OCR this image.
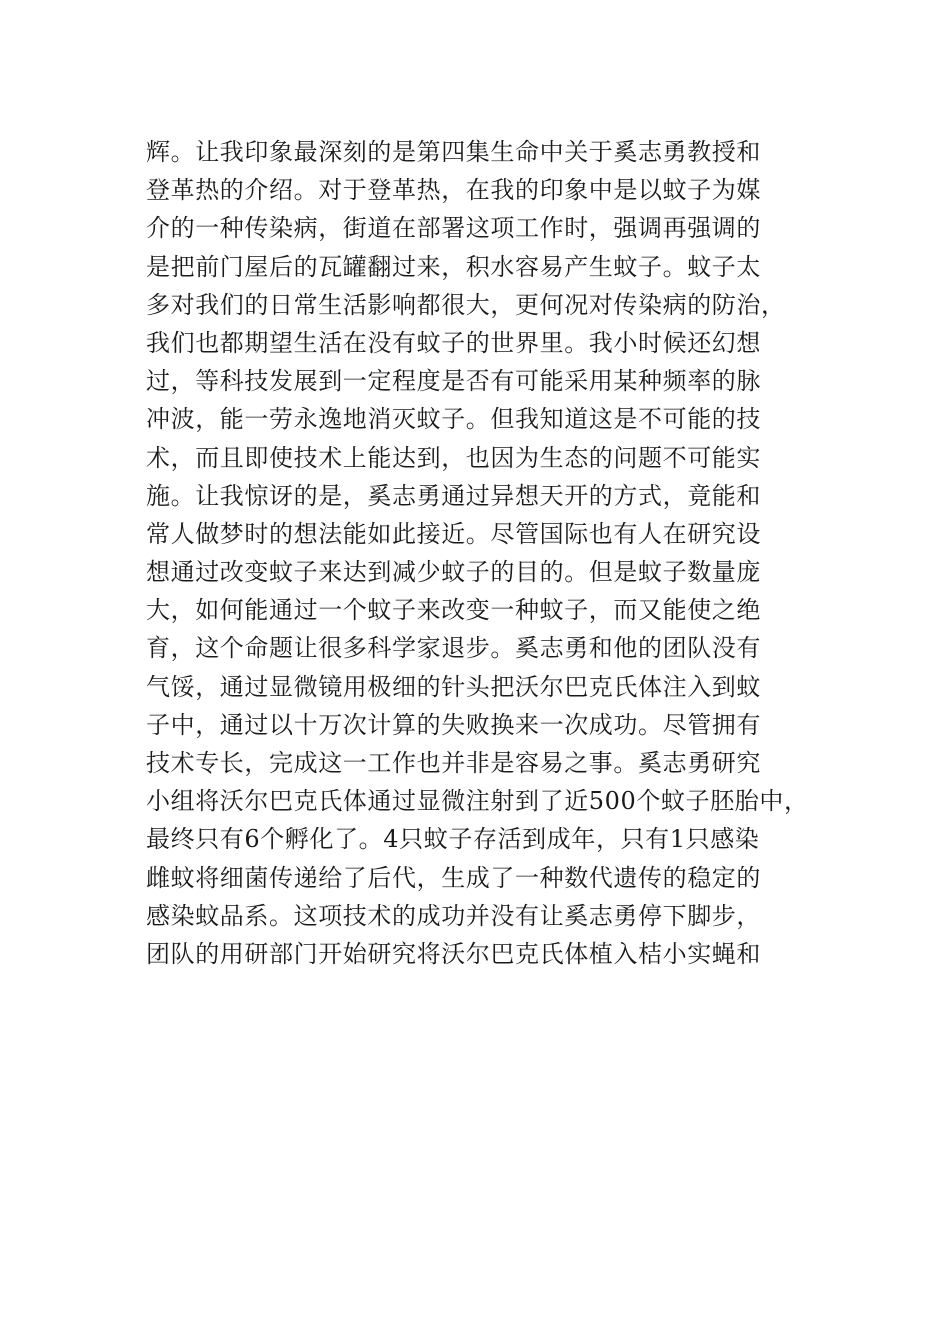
辉。让我印象最深刻的是第四集生命中关于奚志勇教授和
登革热的介绍。对于登革热，在我的印象中是以蚊子为媒
介的一种传染病，街道在部署这项工作时，强调再强调的
是把前门屋后的瓦罐翻过来，积水容易产生蚊子。蚊子太
多对我们的日常生活影响都很大，更何况对传染病的防治，
我们也都期望生活在没有蚊子的世界里。我小时候还幻想
过，等科技发展到一定程度是否有可能采用某种频率的脉
冲波，能一劳永逸地消灭蚊子。但我知道这是不可能的技
术，而且即使技术上能达到，也因为生态的问题不可能实
施。让我惊讶的是，奚志勇通过异想天开的方式，竟能和
常人做梦时的想法能如此接近。尽管国际也有人在研究设
想通过改变蚊子来达到减少蚊子的目的。但是蚊子数量庞
大，如何能通过一个蚊子来改变一种蚊子，而又能使之绝
育，这个命题让很多科学家退步。奚志勇和他的团队没有
气馁，通过显微镜用极细的针头把沃尔巴克氏体注入到蚊
子中，通过以十万次计算的失败换来一次成功。尽管拥有
技术专长，完成这一工作也并非是容易之事。奚志勇研究
小组将沃尔巴克氏体通过显微注射到了近500个蚊子胚胎中，
最终只有6个孵化了。4只蚊子存活到成年，只有1只感染
雌蚊将细菌传递给了后代，生成了一种数代遗传的稳定的
感染蚊品系。这项技术的成功并没有让奚志勇停下脚步，
团队的用研部门开始研究将沃尔巴克氏体植入桔小实蝇和
